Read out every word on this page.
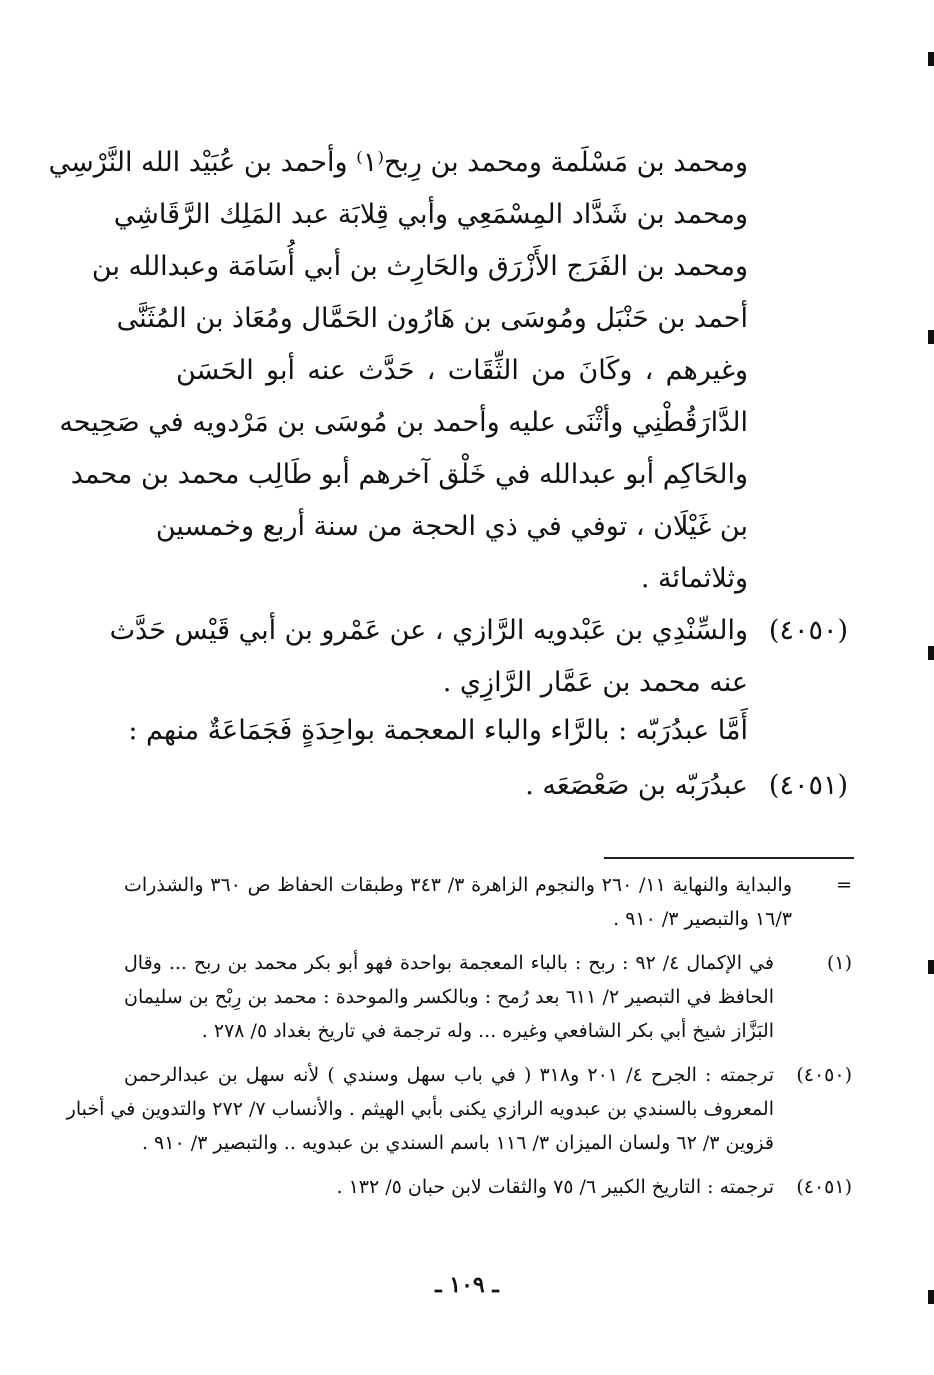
ومحمد بن مَسْلَمة ومحمد بن رِبح⁽١⁾ وأحمد بن عُبَيْد الله النَّرْسِي
ومحمد بن شَدَّاد المِسْمَعِي وأبي قِلابَة عبد المَلِك الرَّقَاشِي
ومحمد بن الفَرَج الأَزْرَق والحَارِث بن أبي أُسَامَة وعبدالله بن
أحمد بن حَنْبَل ومُوسَى بن هَارُون الحَمَّال ومُعَاذ بن المُثَنَّى
وغيرهم ، وكَانَ من الثِّقَات ، حَدَّث عنه أبو الحَسَن
الدَّارَقُطْنِي وأثْنَى عليه وأحمد بن مُوسَى بن مَرْدويه في صَحِيحه
والحَاكِم أبو عبدالله في خَلْق آخرهم أبو طَالِب محمد بن محمد
بن غَيْلَان ، توفي في ذي الحجة من سنة أربع وخمسين
وثلاثمائة .
(٤٠٥٠)
والسِّنْدِي بن عَبْدويه الرَّازي ، عن عَمْرو بن أبي قَيْس حَدَّث
عنه محمد بن عَمَّار الرَّازِي .
أَمَّا عبدُرَبّه : بالرَّاء والباء المعجمة بواحِدَةٍ فَجَمَاعَةٌ منهم :
(٤٠٥١)
عبدُرَبّه بن صَعْصَعَه .
=
والبداية والنهاية ١١/ ٢٦٠ والنجوم الزاهرة ٣/ ٣٤٣ وطبقات الحفاظ ص ٣٦٠ والشذرات
١٦/٣ والتبصير ٣/ ٩١٠ .
(١)
في الإكمال ٤/ ٩٢ : ربح : بالباء المعجمة بواحدة فهو أبو بكر محمد بن ربح ... وقال
الحافظ في التبصير ٢/ ٦١١ بعد رُمح : وبالكسر والموحدة : محمد بن رِبْح بن سليمان
البَزَّاز شيخ أبي بكر الشافعي وغيره ... وله ترجمة في تاريخ بغداد ٥/ ٢٧٨ .
(٤٠٥٠)
ترجمته : الجرح ٤/ ٢٠١ و٣١٨ ( في باب سهل وسندي ) لأنه سهل بن عبدالرحمن
المعروف بالسندي بن عبدويه الرازي يكنى بأبي الهيثم . والأنساب ٧/ ٢٧٢ والتدوين في أخبار
قزوين ٣/ ٦٢ ولسان الميزان ٣/ ١١٦ باسم السندي بن عبدويه .. والتبصير ٣/ ٩١٠ .
(٤٠٥١)
ترجمته : التاريخ الكبير ٦/ ٧٥ والثقات لابن حبان ٥/ ١٣٢ .
ـ ١٠٩ ـ
